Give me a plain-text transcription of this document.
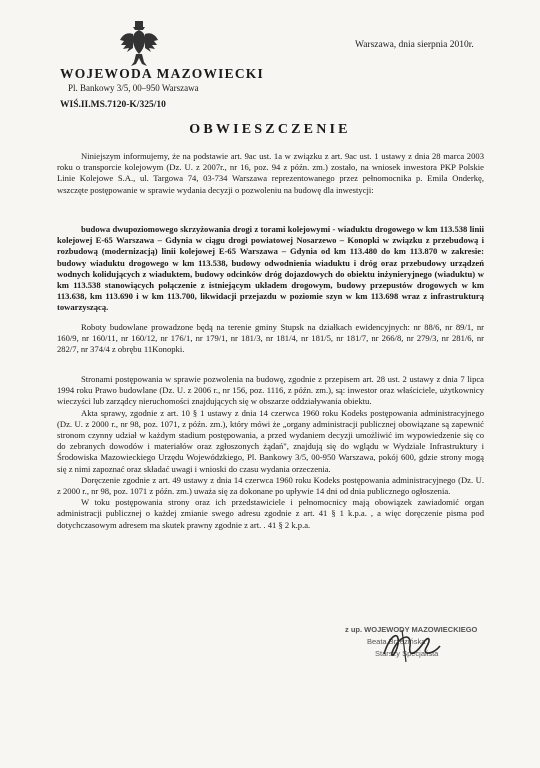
Warszawa, dnia sierpnia 2010r.
WOJEWODA MAZOWIECKI
Pl. Bankowy 3/5, 00–950 Warszawa
WIŚ.II.MS.7120-K/325/10
OBWIESZCZENIE

Niniejszym informujemy, że na podstawie art. 9ac ust. 1a w związku z art. 9ac ust. 1 ustawy z dnia 28 marca 2003 roku o transporcie kolejowym (Dz. U. z 2007r., nr 16, poz. 94 z późn. zm.) zostało, na wniosek inwestora PKP Polskie Linie Kolejowe S.A., ul. Targowa 74, 03-734 Warszawa reprezentowanego przez pełnomocnika p. Emila Onderkę, wszczęte postępowanie w sprawie wydania decyzji o pozwoleniu na budowę dla inwestycji:

budowa dwupoziomowego skrzyżowania drogi z torami kolejowymi - wiaduktu drogowego w km 113.538 linii kolejowej E-65 Warszawa – Gdynia w ciągu drogi powiatowej Nosarzewo – Konopki w związku z przebudową i rozbudową (modernizacją) linii kolejowej E-65 Warszawa – Gdynia od km 113.480 do km 113.870 w zakresie: budowy wiaduktu drogowego w km 113.538, budowy odwodnienia wiaduktu i dróg oraz przebudowy urządzeń wodnych kolidujących z wiaduktem, budowy odcinków dróg dojazdowych do obiektu inżynieryjnego (wiaduktu) w km 113.538 stanowiących połączenie z istniejącym układem drogowym, budowy przepustów drogowych w km 113.638, km 113.690 i w km 113.700, likwidacji przejazdu w poziomie szyn w km 113.698 wraz z infrastrukturą towarzyszącą.

Roboty budowlane prowadzone będą na terenie gminy Stupsk na działkach ewidencyjnych: nr 88/6, nr 89/1, nr 160/9, nr 160/11, nr 160/12, nr 176/1, nr 179/1, nr 181/3, nr 181/4, nr 181/5, nr 181/7, nr 266/8, nr 279/3, nr 281/6, nr 282/7, nr 374/4 z obrębu 11Konopki.

Stronami postępowania w sprawie pozwolenia na budowę, zgodnie z przepisem art. 28 ust. 2 ustawy z dnia 7 lipca 1994 roku Prawo budowlane (Dz. U. z 2006 r., nr 156, poz. 1116, z późn. zm.), są: inwestor oraz właściciele, użytkownicy wieczyści lub zarządcy nieruchomości znajdujących się w obszarze oddziaływania obiektu.

Akta sprawy, zgodnie z art. 10 § 1 ustawy z dnia 14 czerwca 1960 roku Kodeks postępowania administracyjnego (Dz. U. z 2000 r., nr 98, poz. 1071, z późn. zm.), który mówi że „organy administracji publicznej obowiązane są zapewnić stronom czynny udział w każdym stadium postępowania, a przed wydaniem decyzji umożliwić im wypowiedzenie się co do zebranych dowodów i materiałów oraz zgłoszonych żądań", znajdują się do wglądu w Wydziale Infrastruktury i Środowiska Mazowieckiego Urzędu Wojewódzkiego, Pl. Bankowy 3/5, 00-950 Warszawa, pokój 600, gdzie strony mogą się z nimi zapoznać oraz składać uwagi i wnioski do czasu wydania orzeczenia.

Doręczenie zgodnie z art. 49 ustawy z dnia 14 czerwca 1960 roku Kodeks postępowania administracyjnego (Dz. U. z 2000 r., nr 98, poz. 1071 z późn. zm.) uważa się za dokonane po upływie 14 dni od dnia publicznego ogłoszenia.

W toku postępowania strony oraz ich przedstawiciele i pełnomocnicy mają obowiązek zawiadomić organ administracji publicznej o każdej zmianie swego adresu zgodnie z art. 41 § 1 k.p.a. , a więc doręczenie pisma pod dotychczasowym adresem ma skutek prawny zgodnie z art. . 41 § 2 k.p.a.

z up. WOJEWODY MAZOWIECKIEGO
Beata Brzezińska
Starszy Specjalista
